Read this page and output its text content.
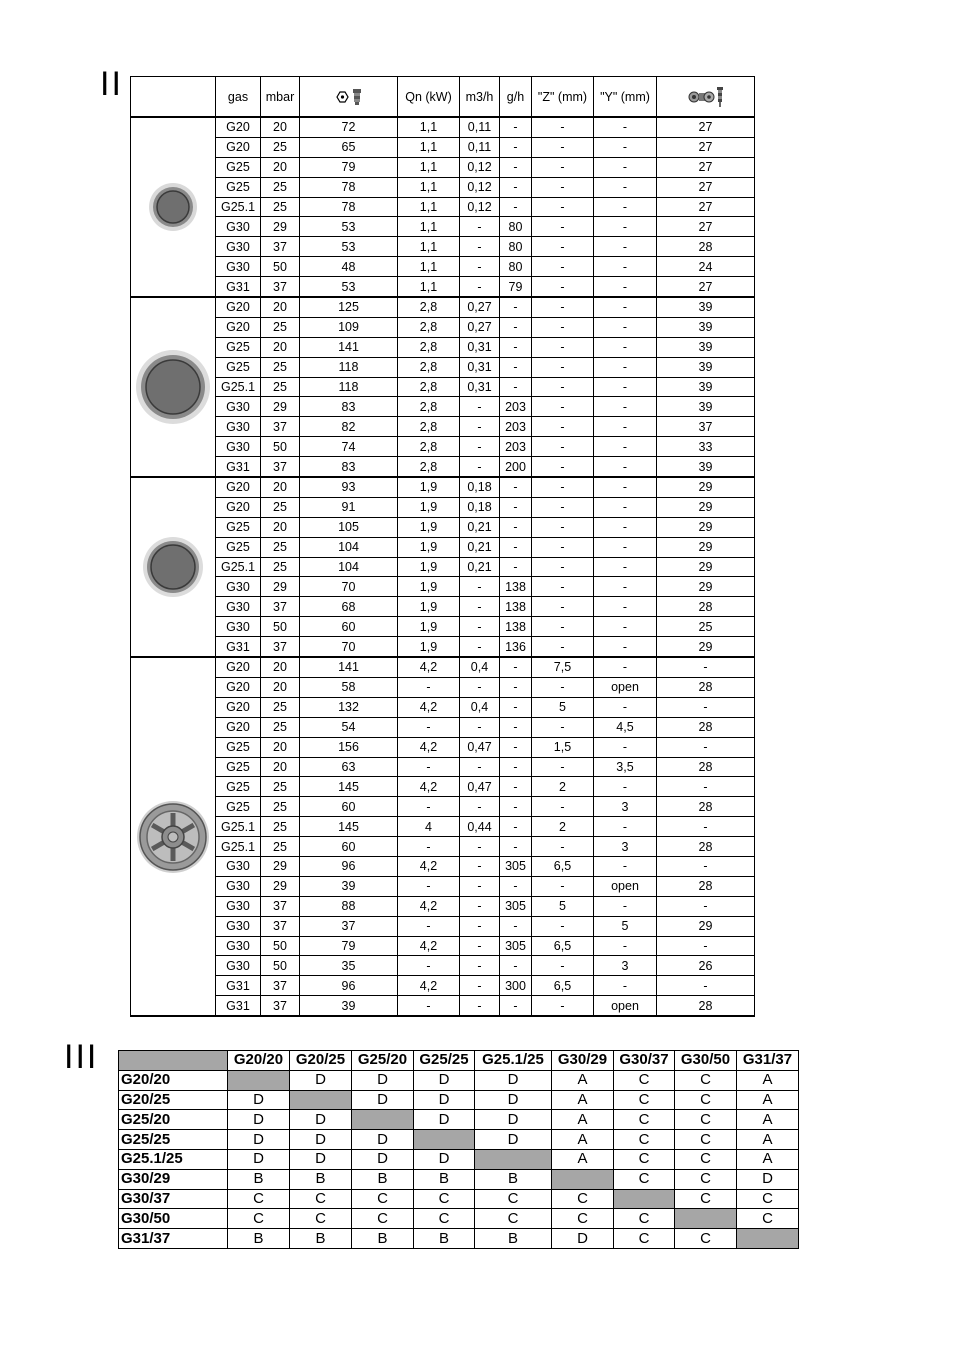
II
III
	gas	mbar		Qn (kW)	m3/h	g/h	"Z" (mm)	"Y" (mm)	

	G20	20	72	1,1	0,11	-	-	-	27
	G20	25	65	1,1	0,11	-	-	-	27
	G25	20	79	1,1	0,12	-	-	-	27
	G25	25	78	1,1	0,12	-	-	-	27
	G25.1	25	78	1,1	0,12	-	-	-	27
	G30	29	53	1,1	-	80	-	-	27
	G30	37	53	1,1	-	80	-	-	28
	G30	50	48	1,1	-	80	-	-	24
	G31	37	53	1,1	-	79	-	-	27

	G20	20	125	2,8	0,27	-	-	-	39
	G20	25	109	2,8	0,27	-	-	-	39
	G25	20	141	2,8	0,31	-	-	-	39
	G25	25	118	2,8	0,31	-	-	-	39
	G25.1	25	118	2,8	0,31	-	-	-	39
	G30	29	83	2,8	-	203	-	-	39
	G30	37	82	2,8	-	203	-	-	37
	G30	50	74	2,8	-	203	-	-	33
	G31	37	83	2,8	-	200	-	-	39

	G20	20	93	1,9	0,18	-	-	-	29
	G20	25	91	1,9	0,18	-	-	-	29
	G25	20	105	1,9	0,21	-	-	-	29
	G25	25	104	1,9	0,21	-	-	-	29
	G25.1	25	104	1,9	0,21	-	-	-	29
	G30	29	70	1,9	-	138	-	-	29
	G30	37	68	1,9	-	138	-	-	28
	G30	50	60	1,9	-	138	-	-	25
	G31	37	70	1,9	-	136	-	-	29

	G20	20	141	4,2	0,4	-	7,5	-	-
	G20	20	58	-	-	-	-	open	28
	G20	25	132	4,2	0,4	-	5	-	-
	G20	25	54	-	-	-	-	4,5	28
	G25	20	156	4,2	0,47	-	1,5	-	-
	G25	20	63	-	-	-	-	3,5	28
	G25	25	145	4,2	0,47	-	2	-	-
	G25	25	60	-	-	-	-	3	28
	G25.1	25	145	4	0,44	-	2	-	-
	G25.1	25	60	-	-	-	-	3	28
	G30	29	96	4,2	-	305	6,5	-	-
	G30	29	39	-	-	-	-	open	28
	G30	37	88	4,2	-	305	5	-	-
	G30	37	37	-	-	-	-	5	29
	G30	50	79	4,2	-	305	6,5	-	-
	G30	50	35	-	-	-	-	3	26
	G31	37	96	4,2	-	300	6,5	-	-
	G31	37	39	-	-	-	-	open	28
	G20/20	G20/25	G25/20	G25/25	G25.1/25	G30/29	G30/37	G30/50	G31/37
G20/20		D	D	D	D	A	C	C	A
G20/25	D		D	D	D	A	C	C	A
G25/20	D	D		D	D	A	C	C	A
G25/25	D	D	D		D	A	C	C	A
G25.1/25	D	D	D	D		A	C	C	A
G30/29	B	B	B	B	B		C	C	D
G30/37	C	C	C	C	C	C		C	C
G30/50	C	C	C	C	C	C	C		C
G31/37	B	B	B	B	B	D	C	C	
